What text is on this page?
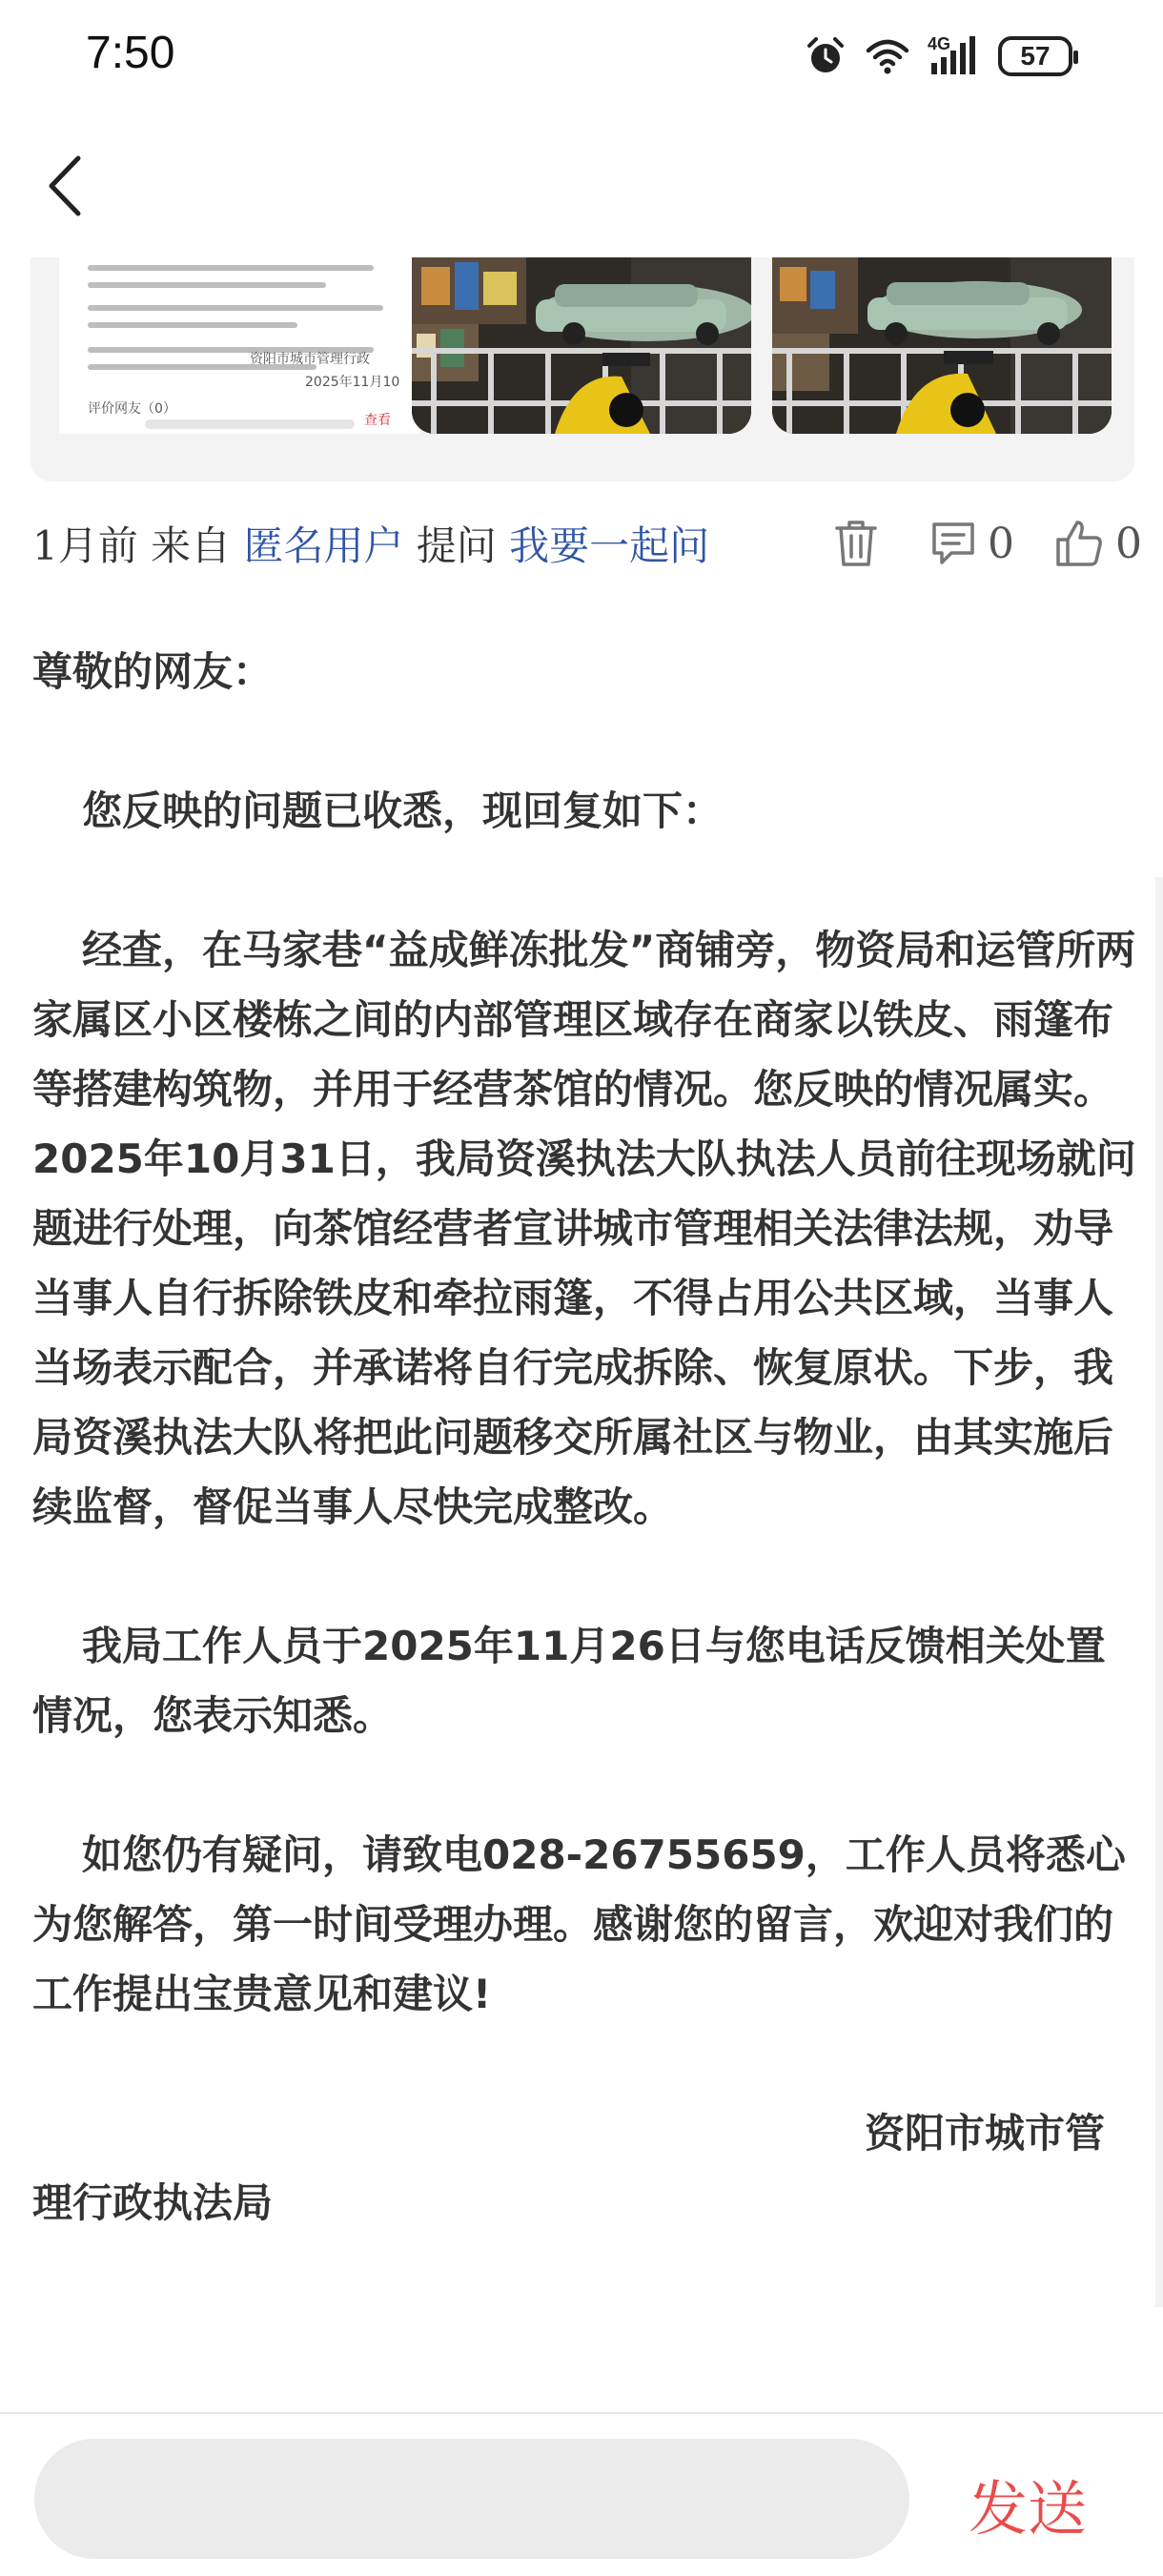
7:50	4G	57
资阳市城市管理行政
2025年11月10
评价网友（0）
查看
1月前 来自 匿名用户 提问 我要一起问	0 0

尊敬的网友：

您反映的问题已收悉，现回复如下：

经查，在马家巷“益成鲜冻批发”商铺旁，物资局和运管所两家属区小区楼栋之间的内部管理区域存在商家以铁皮、雨篷布等搭建构筑物，并用于经营茶馆的情况。您反映的情况属实。2025年10月31日，我局资溪执法大队执法人员前往现场就问题进行处理，向茶馆经营者宣讲城市管理相关法律法规，劝导当事人自行拆除铁皮和牵拉雨篷，不得占用公共区域，当事人当场表示配合，并承诺将自行完成拆除、恢复原状。下步，我局资溪执法大队将把此问题移交所属社区与物业，由其实施后续监督，督促当事人尽快完成整改。

我局工作人员于2025年11月26日与您电话反馈相关处置情况，您表示知悉。

如您仍有疑问，请致电028-26755659，工作人员将悉心为您解答，第一时间受理办理。感谢您的留言，欢迎对我们的工作提出宝贵意见和建议!

资阳市城市管

理行政执法局

发送
